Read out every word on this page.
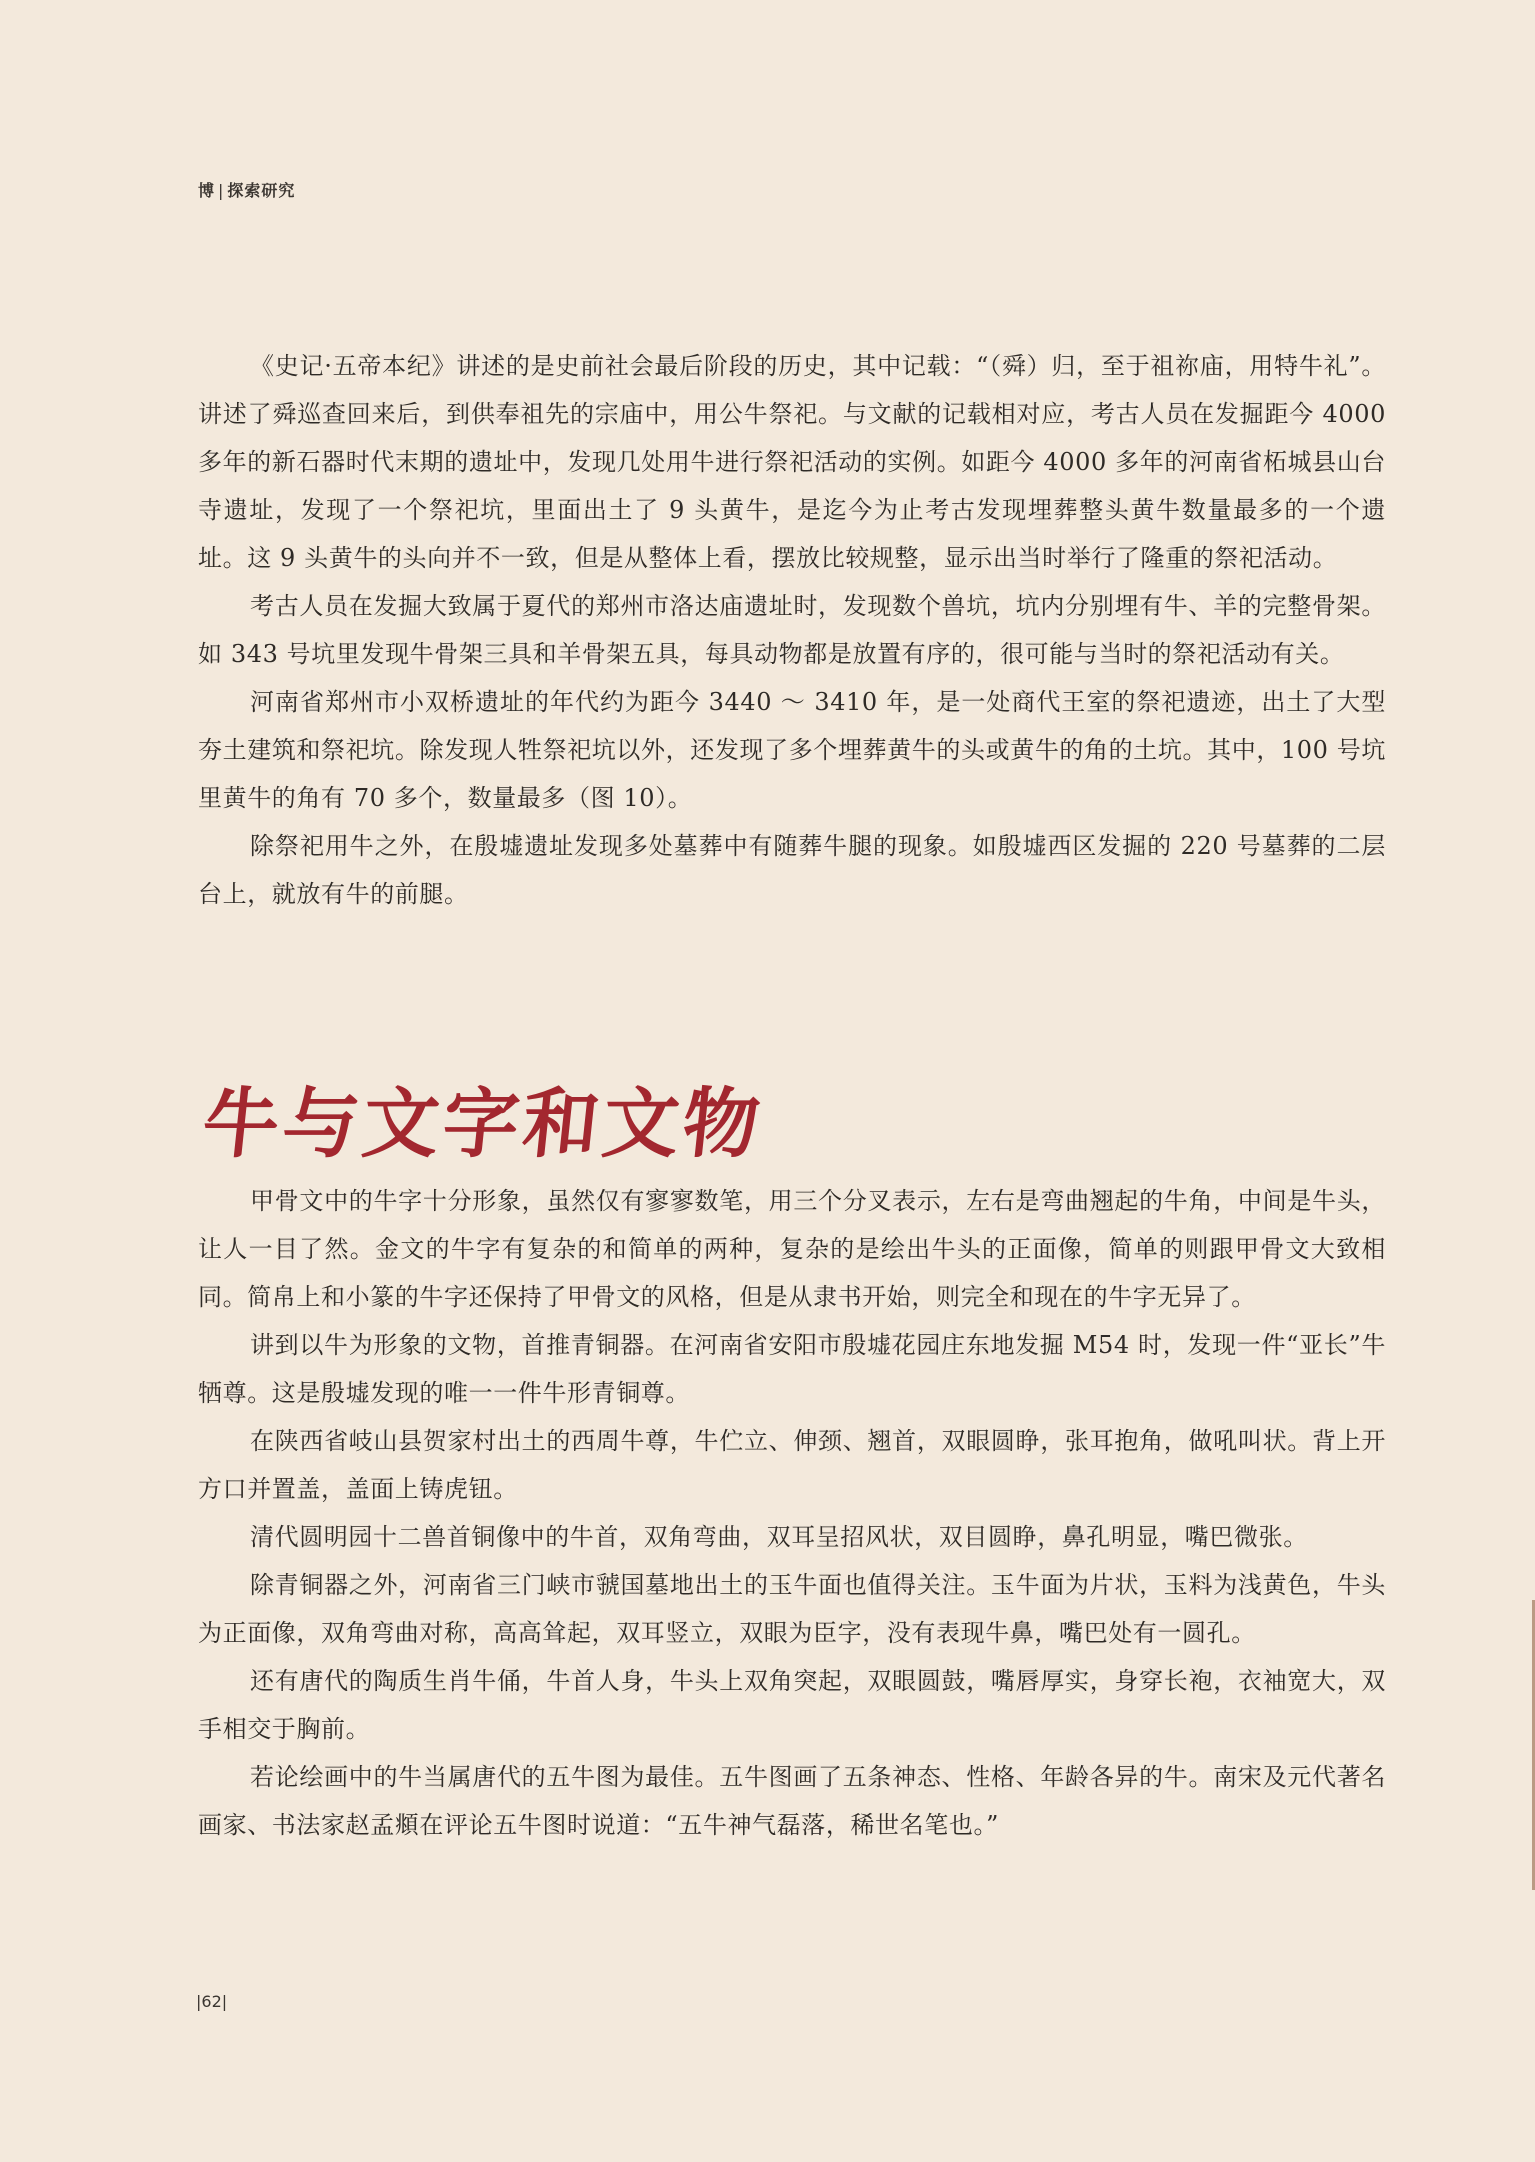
博 | 探索研究

《史记·五帝本纪》讲述的是史前社会最后阶段的历史，其中记载：“（舜）归，至于祖祢庙，用特牛礼”。讲述了舜巡查回来后，到供奉祖先的宗庙中，用公牛祭祀。与文献的记载相对应，考古人员在发掘距今 4000 多年的新石器时代末期的遗址中，发现几处用牛进行祭祀活动的实例。如距今 4000 多年的河南省柘城县山台寺遗址，发现了一个祭祀坑，里面出土了 9 头黄牛，是迄今为止考古发现埋葬整头黄牛数量最多的一个遗址。这 9 头黄牛的头向并不一致，但是从整体上看，摆放比较规整，显示出当时举行了隆重的祭祀活动。

考古人员在发掘大致属于夏代的郑州市洛达庙遗址时，发现数个兽坑，坑内分别埋有牛、羊的完整骨架。如 343 号坑里发现牛骨架三具和羊骨架五具，每具动物都是放置有序的，很可能与当时的祭祀活动有关。

河南省郑州市小双桥遗址的年代约为距今 3440 ～ 3410 年，是一处商代王室的祭祀遗迹，出土了大型夯土建筑和祭祀坑。除发现人牲祭祀坑以外，还发现了多个埋葬黄牛的头或黄牛的角的土坑。其中，100 号坑里黄牛的角有 70 多个，数量最多（图 10）。

除祭祀用牛之外，在殷墟遗址发现多处墓葬中有随葬牛腿的现象。如殷墟西区发掘的 220 号墓葬的二层台上，就放有牛的前腿。

牛与文字和文物

甲骨文中的牛字十分形象，虽然仅有寥寥数笔，用三个分叉表示，左右是弯曲翘起的牛角，中间是牛头，让人一目了然。金文的牛字有复杂的和简单的两种，复杂的是绘出牛头的正面像，简单的则跟甲骨文大致相同。简帛上和小篆的牛字还保持了甲骨文的风格，但是从隶书开始，则完全和现在的牛字无异了。

讲到以牛为形象的文物，首推青铜器。在河南省安阳市殷墟花园庄东地发掘 M54 时，发现一件“亚长”牛牺尊。这是殷墟发现的唯一一件牛形青铜尊。

在陕西省岐山县贺家村出土的西周牛尊，牛伫立、伸颈、翘首，双眼圆睁，张耳抱角，做吼叫状。背上开方口并置盖，盖面上铸虎钮。

清代圆明园十二兽首铜像中的牛首，双角弯曲，双耳呈招风状，双目圆睁，鼻孔明显，嘴巴微张。

除青铜器之外，河南省三门峡市虢国墓地出土的玉牛面也值得关注。玉牛面为片状，玉料为浅黄色，牛头为正面像，双角弯曲对称，高高耸起，双耳竖立，双眼为臣字，没有表现牛鼻，嘴巴处有一圆孔。

还有唐代的陶质生肖牛俑，牛首人身，牛头上双角突起，双眼圆鼓，嘴唇厚实，身穿长袍，衣袖宽大，双手相交于胸前。

若论绘画中的牛当属唐代的五牛图为最佳。五牛图画了五条神态、性格、年龄各异的牛。南宋及元代著名画家、书法家赵孟頫在评论五牛图时说道：“五牛神气磊落，稀世名笔也。”

|62|
